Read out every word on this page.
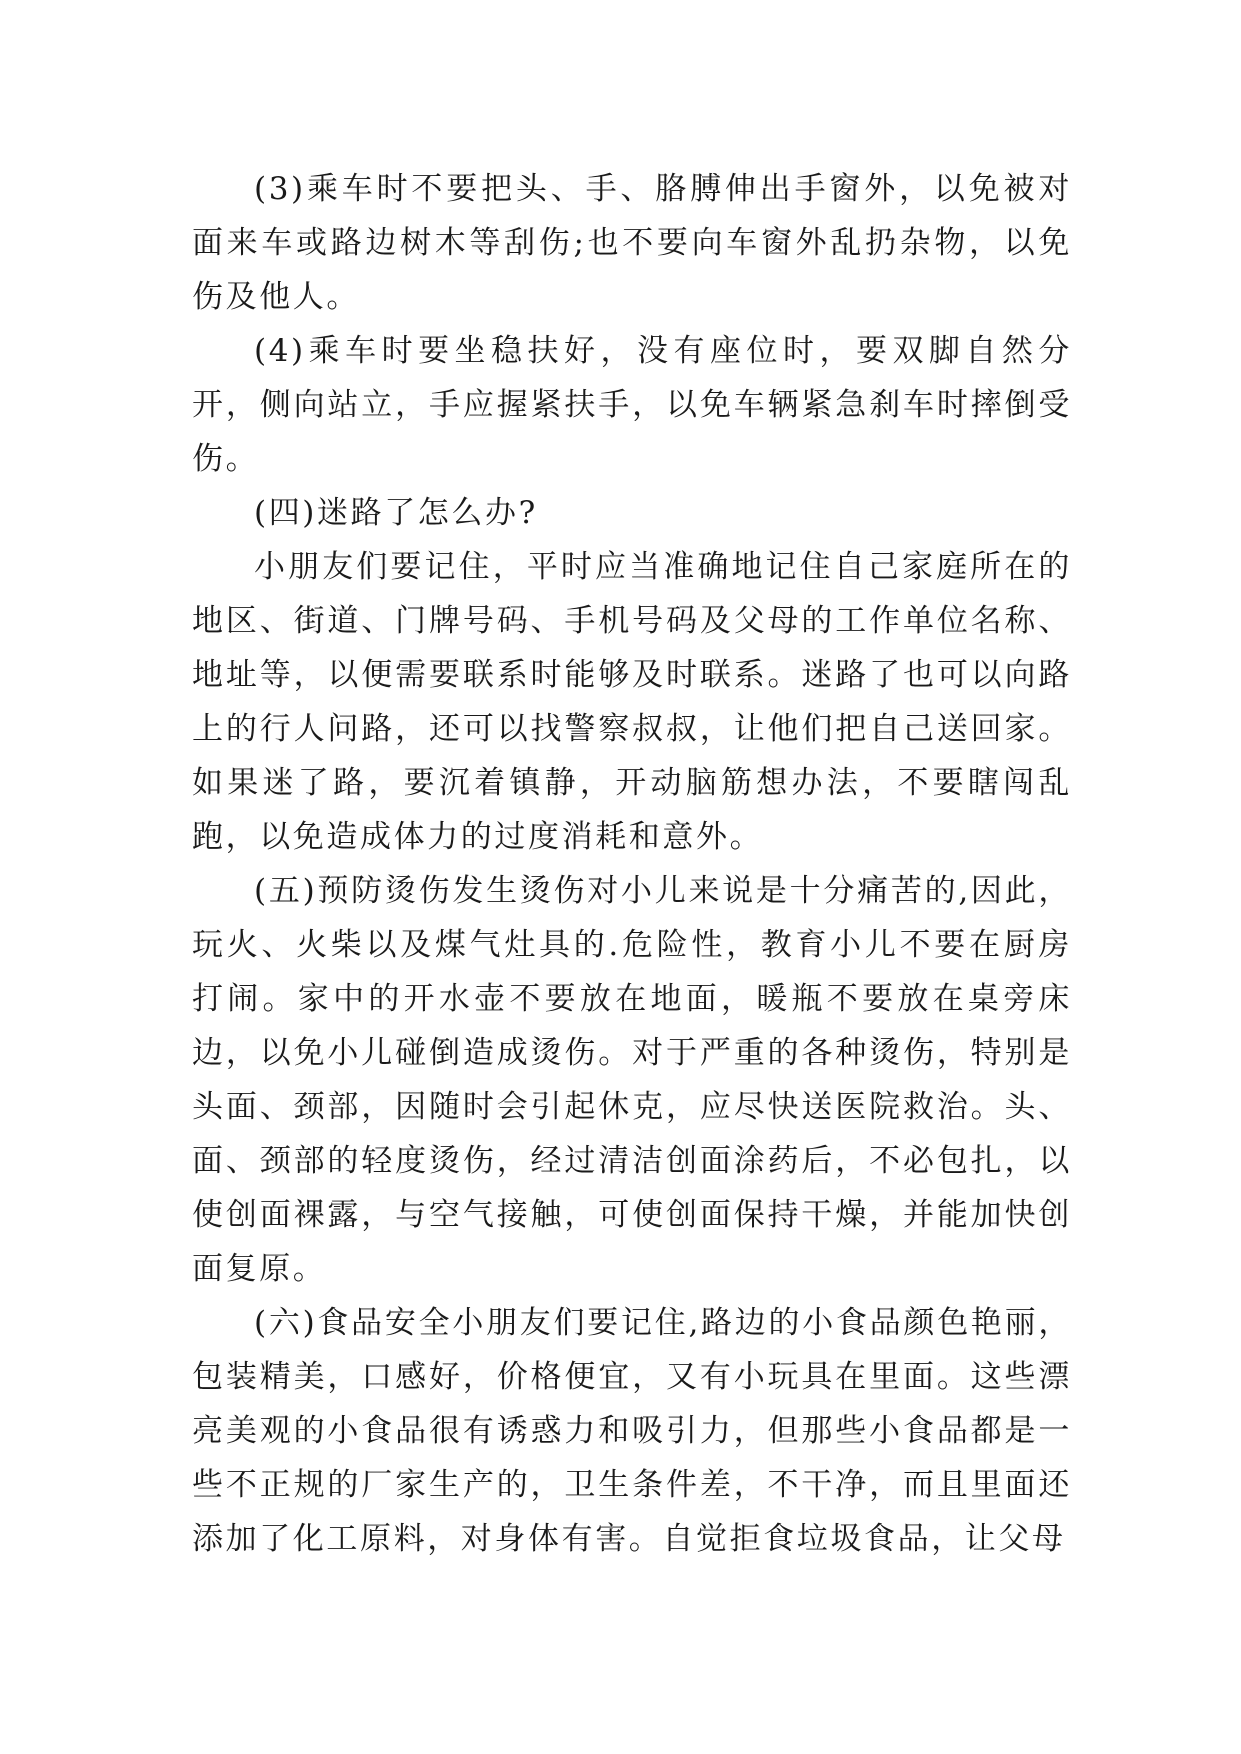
(3)乘车时不要把头、手、胳膊伸出手窗外，以免被对面来车或路边树木等刮伤;也不要向车窗外乱扔杂物，以免伤及他人。

(4)乘车时要坐稳扶好，没有座位时，要双脚自然分开，侧向站立，手应握紧扶手，以免车辆紧急刹车时摔倒受伤。

(四)迷路了怎么办?

小朋友们要记住，平时应当准确地记住自己家庭所在的地区、街道、门牌号码、手机号码及父母的工作单位名称、地址等，以便需要联系时能够及时联系。迷路了也可以向路上的行人问路，还可以找警察叔叔，让他们把自己送回家。如果迷了路，要沉着镇静，开动脑筋想办法，不要瞎闯乱跑，以免造成体力的过度消耗和意外。

(五)预防烫伤发生烫伤对小儿来说是十分痛苦的,因此，玩火、火柴以及煤气灶具的.危险性，教育小儿不要在厨房打闹。家中的开水壶不要放在地面，暖瓶不要放在桌旁床边，以免小儿碰倒造成烫伤。对于严重的各种烫伤，特别是头面、颈部，因随时会引起休克，应尽快送医院救治。头、面、颈部的轻度烫伤，经过清洁创面涂药后，不必包扎，以使创面裸露，与空气接触，可使创面保持干燥，并能加快创面复原。

(六)食品安全小朋友们要记住,路边的小食品颜色艳丽，包装精美，口感好，价格便宜，又有小玩具在里面。这些漂亮美观的小食品很有诱惑力和吸引力，但那些小食品都是一些不正规的厂家生产的，卫生条件差，不干净，而且里面还添加了化工原料，对身体有害。自觉拒食垃圾食品，让父母
